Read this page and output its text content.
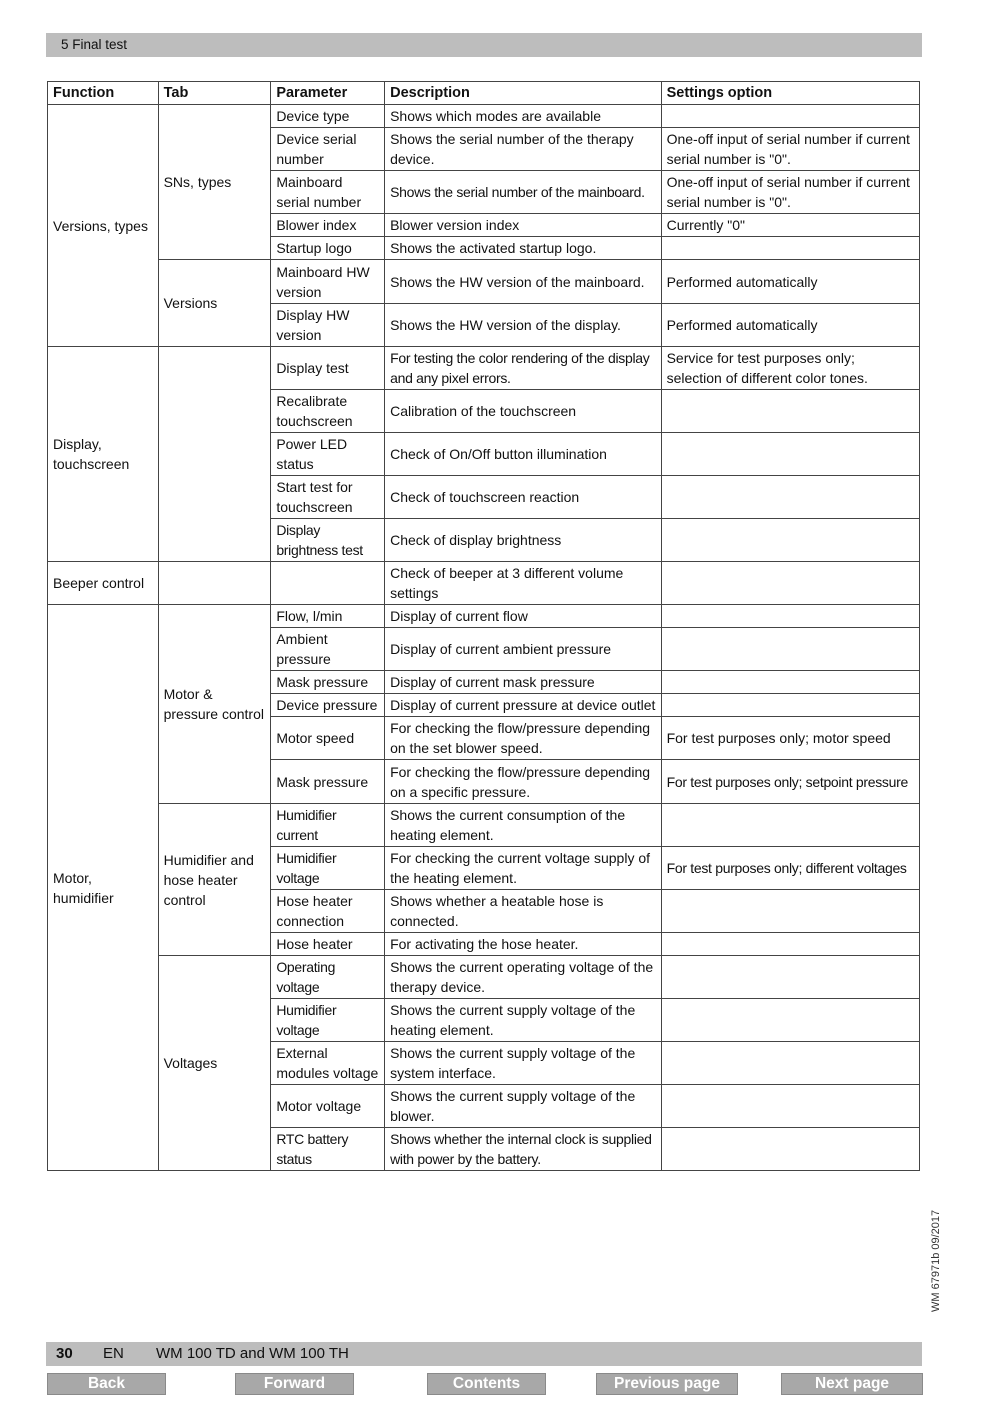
5 Final test
Function	Tab	Parameter	Description	Settings option
Versions, types	SNs, types	Device type	Shows which modes are available	
		Device serial number	Shows the serial number of the therapy device.	One-off input of serial number if current serial number is "0".
		Mainboard serial number	Shows the serial number of the mainboard.	One-off input of serial number if current serial number is "0".
		Blower index	Blower version index	Currently "0"
		Startup logo	Shows the activated startup logo.	
	Versions	Mainboard HW version	Shows the HW version of the mainboard.	Performed automatically
		Display HW version	Shows the HW version of the display.	Performed automatically
Display, touchscreen		Display test	For testing the color rendering of the display and any pixel errors.	Service for test purposes only; selection of different color tones.
		Recalibrate touchscreen	Calibration of the touchscreen	
		Power LED status	Check of On/Off button illumination	
		Start test for touchscreen	Check of touchscreen reaction	
		Display brightness test	Check of display brightness	
Beeper control			Check of beeper at 3 different volume settings	
Motor, humidifier	Motor & pressure control	Flow, l/min	Display of current flow	
		Ambient pressure	Display of current ambient pressure	
		Mask pressure	Display of current mask pressure	
		Device pressure	Display of current pressure at device outlet	
		Motor speed	For checking the flow/pressure depending on the set blower speed.	For test purposes only; motor speed
		Mask pressure	For checking the flow/pressure depending on a specific pressure.	For test purposes only; setpoint pressure
	Humidifier and hose heater control	Humidifier current	Shows the current consumption of the heating element.	
		Humidifier voltage	For checking the current voltage supply of the heating element.	For test purposes only; different voltages
		Hose heater connection	Shows whether a heatable hose is connected.	
		Hose heater	For activating the hose heater.	
	Voltages	Operating voltage	Shows the current operating voltage of the therapy device.	
		Humidifier voltage	Shows the current supply voltage of the heating element.	
		External modules voltage	Shows the current supply voltage of the system interface.	
		Motor voltage	Shows the current supply voltage of the blower.	
		RTC battery status	Shows whether the internal clock is supplied with power by the battery.	
WM 67971b 09/2017
30 EN WM 100 TD and WM 100 TH
Back	Forward	Contents	Previous page	Next page
